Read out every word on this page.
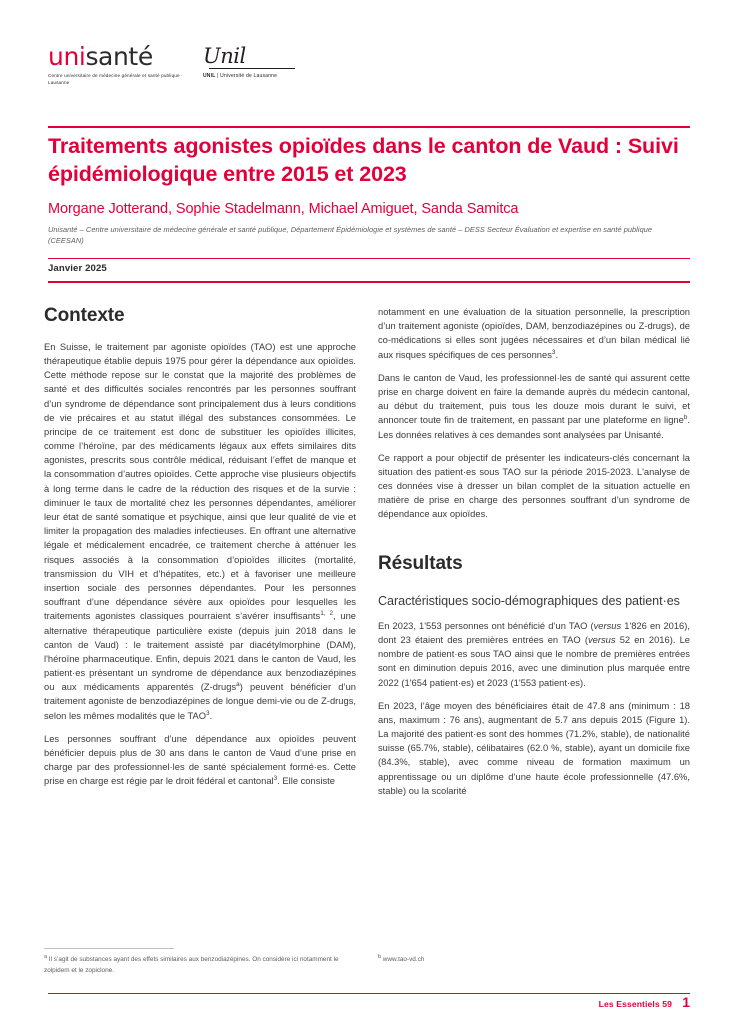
unisanté
Centre universitaire de médecine générale et santé publique · Lausanne
Unil
UNIL | Université de Lausanne
Traitements agonistes opioïdes dans le canton de Vaud : Suivi épidémiologique entre 2015 et 2023
Morgane Jotterand, Sophie Stadelmann, Michael Amiguet, Sanda Samitca
Unisanté – Centre universitaire de médecine générale et santé publique, Département Épidémiologie et systèmes de santé – DESS Secteur Évaluation et expertise en santé publique (CEESAN)
Janvier 2025
Contexte

En Suisse, le traitement par agoniste opioïdes (TAO) est une approche thérapeutique établie depuis 1975 pour gérer la dépendance aux opioïdes. Cette méthode repose sur le constat que la majorité des problèmes de santé et des difficultés sociales rencontrés par les personnes souffrant d’un syndrome de dépendance sont principalement dus à leurs conditions de vie précaires et au statut illégal des substances consommées. Le principe de ce traitement est donc de substituer les opioïdes illicites, comme l’héroïne, par des médicaments légaux aux effets similaires dits agonistes, prescrits sous contrôle médical, réduisant l’effet de manque et la consommation d’autres opioïdes. Cette approche vise plusieurs objectifs à long terme dans le cadre de la réduction des risques et de la survie : diminuer le taux de mortalité chez les personnes dépendantes, améliorer leur état de santé somatique et psychique, ainsi que leur qualité de vie et limiter la propagation des maladies infectieuses. En offrant une alternative légale et médicalement encadrée, ce traitement cherche à atténuer les risques associés à la consommation d’opioïdes illicites (mortalité, transmission du VIH et d’hépatites, etc.) et à favoriser une meilleure insertion sociale des personnes dépendantes. Pour les personnes souffrant d’une dépendance sévère aux opioïdes pour lesquelles les traitements agonistes classiques pourraient s’avérer insuffisants$^{1, 2}$, une alternative thérapeutique particulière existe (depuis juin 2018 dans le canton de Vaud) : le traitement assisté par diacétylmorphine (DAM), l'héroïne pharmaceutique. Enfin, depuis 2021 dans le canton de Vaud, les patient·es présentant un syndrome de dépendance aux benzodiazépines ou aux médicaments apparentés (Z-drugs$^a$) peuvent bénéficier d’un traitement agoniste de benzodiazépines de longue demi-vie ou de Z-drugs, selon les mêmes modalités que le TAO$^3$.

Les personnes souffrant d’une dépendance aux opioïdes peuvent bénéficier depuis plus de 30 ans dans le canton de Vaud d’une prise en charge par des professionnel·les de santé spécialement formé·es. Cette prise en charge est régie par le droit fédéral et cantonal$^3$. Elle consiste

notamment en une évaluation de la situation personnelle, la prescription d’un traitement agoniste (opioïdes, DAM, benzodiazépines ou Z-drugs), de co-médications si elles sont jugées nécessaires et d’un bilan médical lié aux risques spécifiques de ces personnes$^3$.

Dans le canton de Vaud, les professionnel·les de santé qui assurent cette prise en charge doivent en faire la demande auprès du médecin cantonal, au début du traitement, puis tous les douze mois durant le suivi, et annoncer toute fin de traitement, en passant par une plateforme en ligne$^b$. Les données relatives à ces demandes sont analysées par Unisanté.

Ce rapport a pour objectif de présenter les indicateurs-clés concernant la situation des patient·es sous TAO sur la période 2015-2023. L'analyse de ces données vise à dresser un bilan complet de la situation actuelle en matière de prise en charge des personnes souffrant d’un syndrome de dépendance aux opioïdes.

Résultats
Caractéristiques socio-démographiques des patient·es

En 2023, 1'553 personnes ont bénéficié d’un TAO (versus 1'826 en 2016), dont 23 étaient des premières entrées en TAO (versus 52 en 2016). Le nombre de patient·es sous TAO ainsi que le nombre de premières entrées sont en diminution depuis 2016, avec une diminution plus marquée entre 2022 (1'654 patient·es) et 2023 (1'553 patient·es).

En 2023, l’âge moyen des bénéficiaires était de 47.8 ans (minimum : 18 ans, maximum : 76 ans), augmentant de 5.7 ans depuis 2015 (Figure 1). La majorité des patient·es sont des hommes (71.2%, stable), de nationalité suisse (65.7%, stable), célibataires (62.0 %, stable), ayant un domicile fixe (84.3%, stable), avec comme niveau de formation maximum un apprentissage ou un diplôme d’une haute école professionnelle (47.6%, stable) ou la scolarité

$^a$ Il s’agit de substances ayant des effets similaires aux benzodiazépines. On considère ici notamment le zolpidem et le zopiclone.
$^b$ www.tao-vd.ch
Les Essentiels 59 1
